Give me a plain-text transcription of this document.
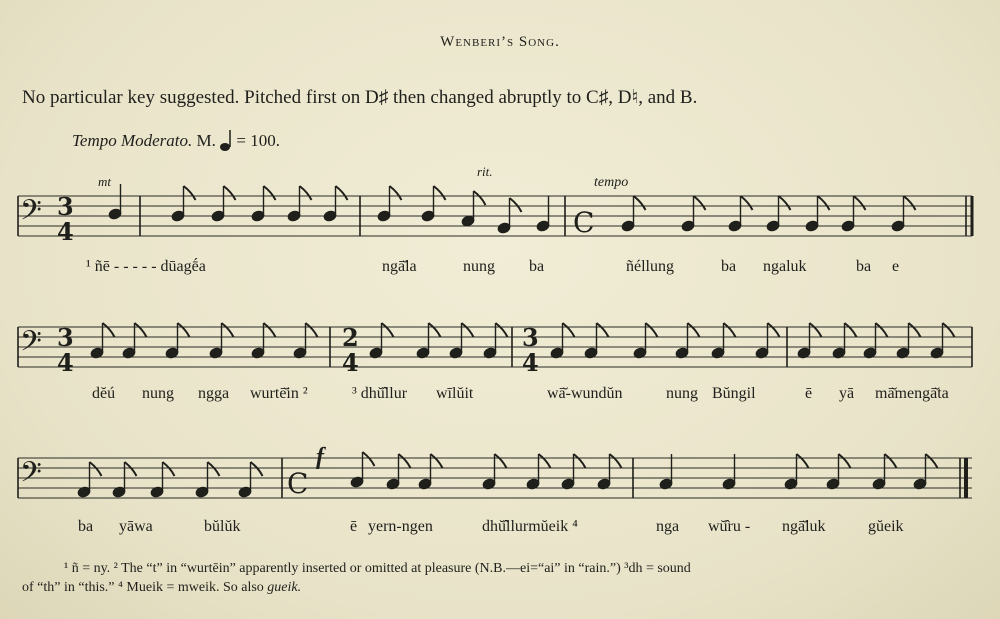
Wenberi’s Song.
No particular key suggested. Pitched first on D♯ then changed abruptly to C♯, D♮, and B.
Tempo Moderato. M. = 100.
𝄢
𝄢
𝄢
3
4
3
4
C
C
2
4
3
4
mt
rit.
tempo
f
¹ ñē - - - - - dūagḗa	ngā̆la	nung ba	ñéllung	ba ngaluk	ba e
dĕú nung ngga wurtē̆in ²	³ dhŭ̂llur wīlŭit	wā̆-wundŭn	nung Bŭngil	ē yā mā̆mengā̆ta
ba yāwa	bŭlŭk	ē yern-ngen	dhŭ̂llurmŭeik ⁴	nga wŭ̂ru - ngā̆luk	gŭeik
¹ ñ = ny. ² The “t” in “wurtēin” apparently inserted or omitted at pleasure (N.B.—ei=“ai” in “rain.”) ³dh = sound
of “th” in “this.” ⁴ Mueik = mweik. So also gueik.
